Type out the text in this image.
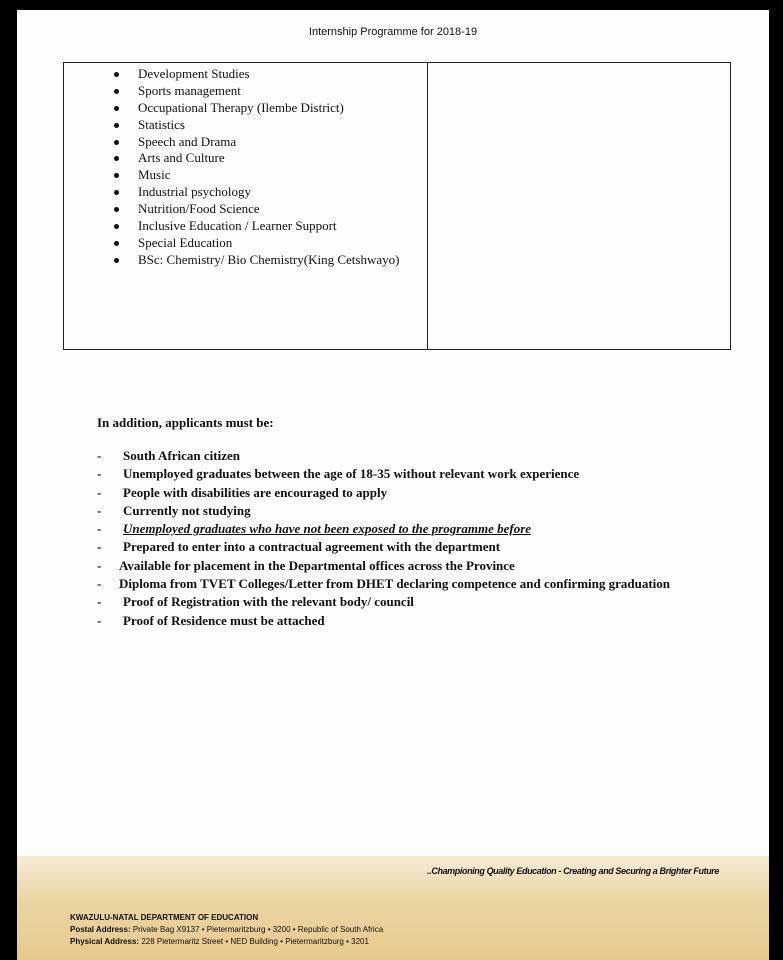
Internship Programme for 2018-19
Development Studies
Sports management
Occupational Therapy (Ilembe District)
Statistics
Speech and Drama
Arts and Culture
Music
Industrial psychology
Nutrition/Food Science
Inclusive Education / Learner Support
Special Education
BSc: Chemistry/ Bio Chemistry(King Cetshwayo)
In addition, applicants must be:
- South African citizen
- Unemployed graduates between the age of 18-35 without relevant work experience
- People with disabilities are encouraged to apply
- Currently not studying
- Unemployed graduates who have not been exposed to the programme before
- Prepared to enter into a contractual agreement with the department
- Available for placement in the Departmental offices across the Province
- Diploma from TVET Colleges/Letter from DHET declaring competence and confirming graduation
- Proof of Registration with the relevant body/ council
- Proof of Residence must be attached
..Championing Quality Education - Creating and Securing a Brighter Future
KWAZULU-NATAL DEPARTMENT OF EDUCATION
Postal Address: Private Bag X9137 • Pietermaritzburg • 3200 • Republic of South Africa
Physical Address: 228 Pietermaritz Street • NED Building • Pietermaritzburg • 3201
